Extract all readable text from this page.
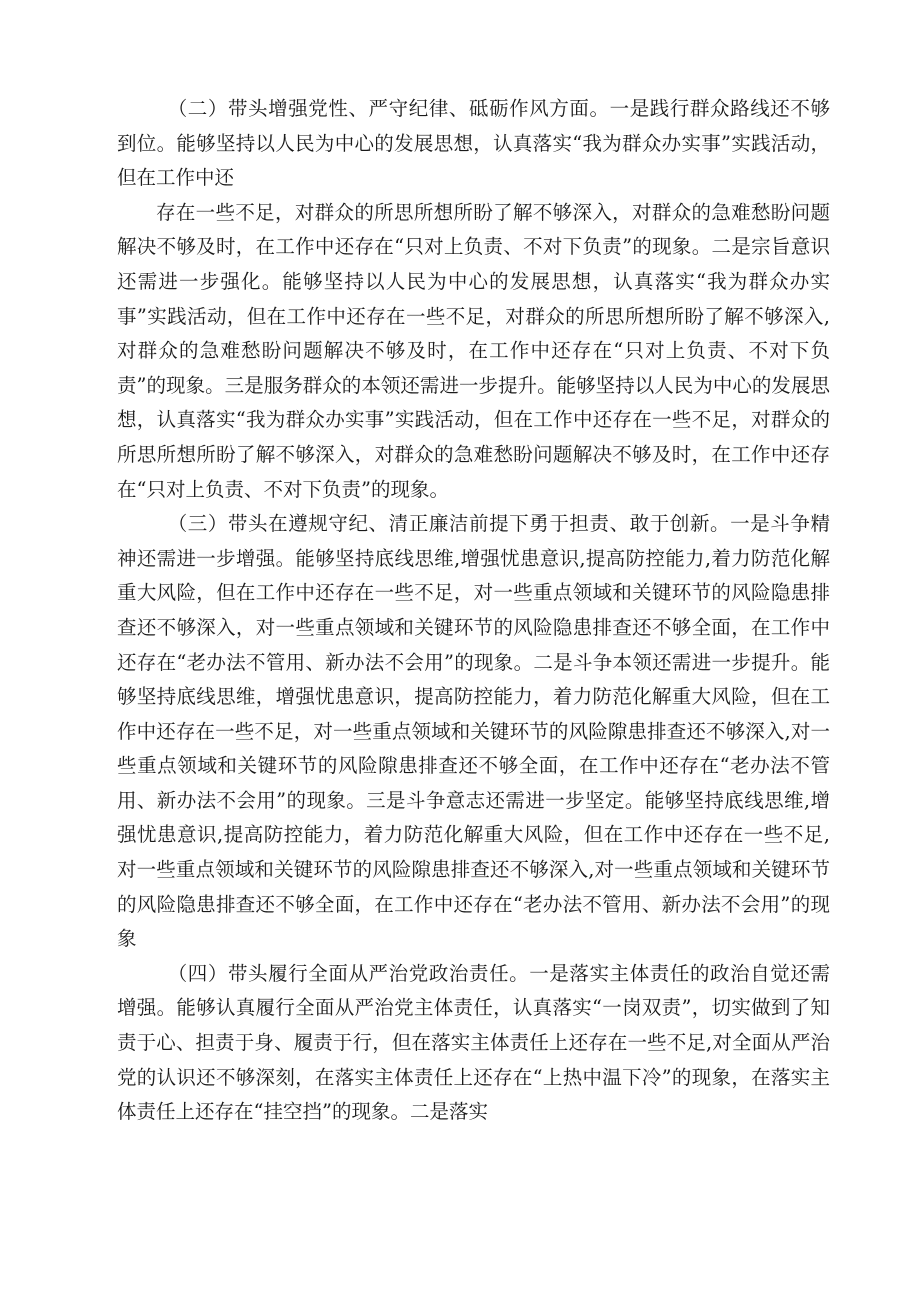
（二）带头增强党性、严守纪律、砥砺作风方面。一是践行群众路线还不够到位。能够坚持以人民为中心的发展思想，认真落实“我为群众办实事”实践活动，但在工作中还

存在一些不足，对群众的所思所想所盼了解不够深入，对群众的急难愁盼问题解决不够及时，在工作中还存在“只对上负责、不对下负责”的现象。二是宗旨意识还需进一步强化。能够坚持以人民为中心的发展思想，认真落实“我为群众办实事”实践活动，但在工作中还存在一些不足，对群众的所思所想所盼了解不够深入,对群众的急难愁盼问题解决不够及时，在工作中还存在“只对上负责、不对下负责”的现象。三是服务群众的本领还需进一步提升。能够坚持以人民为中心的发展思想，认真落实“我为群众办实事”实践活动，但在工作中还存在一些不足，对群众的所思所想所盼了解不够深入，对群众的急难愁盼问题解决不够及时，在工作中还存在“只对上负责、不对下负责”的现象。

（三）带头在遵规守纪、清正廉洁前提下勇于担责、敢于创新。一是斗争精神还需进一步增强。能够坚持底线思维,增强忧患意识,提高防控能力,着力防范化解重大风险，但在工作中还存在一些不足，对一些重点领域和关键环节的风险隐患排查还不够深入，对一些重点领域和关键环节的风险隐患排查还不够全面，在工作中还存在“老办法不管用、新办法不会用”的现象。二是斗争本领还需进一步提升。能够坚持底线思维，增强忧患意识，提高防控能力，着力防范化解重大风险，但在工作中还存在一些不足，对一些重点领域和关键环节的风险隙患排查还不够深入,对一些重点领域和关键环节的风险隙患排查还不够全面，在工作中还存在“老办法不管用、新办法不会用”的现象。三是斗争意志还需进一步坚定。能够坚持底线思维,增强忧患意识,提高防控能力，着力防范化解重大风险，但在工作中还存在一些不足,对一些重点领域和关键环节的风险隙患排查还不够深入,对一些重点领域和关键环节的风险隐患排查还不够全面，在工作中还存在“老办法不管用、新办法不会用”的现象

（四）带头履行全面从严治党政治责任。一是落实主体责任的政治自觉还需增强。能够认真履行全面从严治党主体责任，认真落实“一岗双责”，切实做到了知责于心、担责于身、履责于行，但在落实主体责任上还存在一些不足,对全面从严治党的认识还不够深刻，在落实主体责任上还存在“上热中温下冷”的现象，在落实主体责任上还存在“挂空挡”的现象。二是落实
